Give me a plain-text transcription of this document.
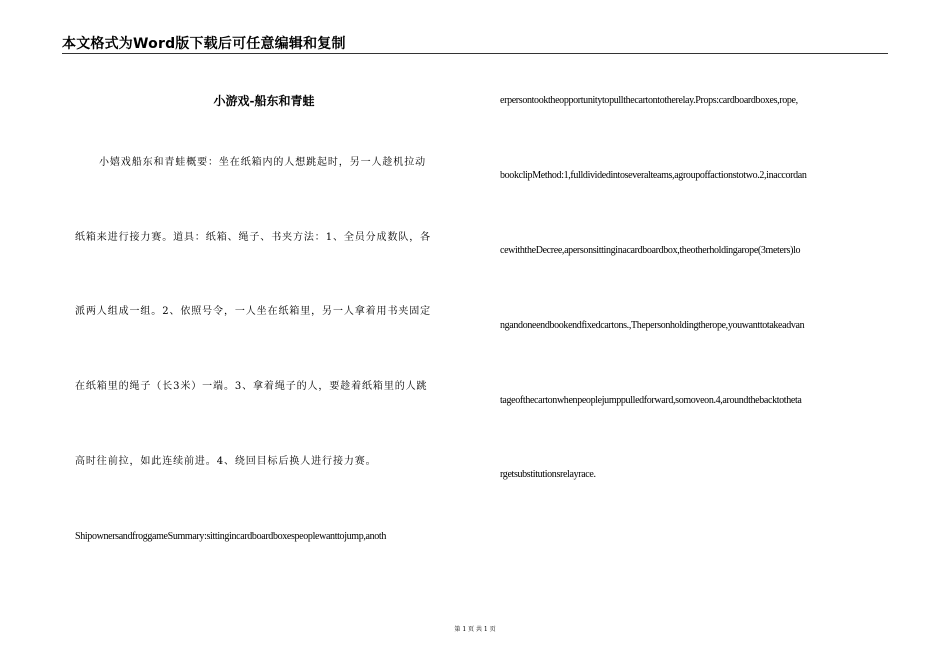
本文格式为Word版下载后可任意编辑和复制
小游戏-船东和青蛙
小嬉戏船东和青蛙概要：坐在纸箱内的人想跳起时，另一人趁机拉动
纸箱来进行接力赛。道具：纸箱、绳子、书夹方法：1、全员分成数队，各
派两人组成一组。2、依照号令，一人坐在纸箱里，另一人拿着用书夹固定
在纸箱里的绳子（长3米）一端。3、拿着绳子的人，要趁着纸箱里的人跳
高时往前拉，如此连续前进。4、绕回目标后换人进行接力赛。
ShipownersandfroggameSummary:sittingincardboardboxespeoplewanttojump,anoth
erpersontooktheopportunitytopullthecartontotherelay.Props:cardboardboxes,rope,
bookclipMethod:1,fulldividedintoseveralteams,agroupoffactionstotwo.2,inaccordan
cewiththeDecree,apersonsittinginacardboardbox,theotherholdingarope(3meters)lo
ngandoneendbookendfixedcartons.,Thepersonholdingtherope,youwanttotakeadvan
tageofthecartonwhenpeoplejumppulledforward,somoveon.4,aroundthebacktotheta
rgetsubstitutionsrelayrace.
第 1 页 共 1 页
